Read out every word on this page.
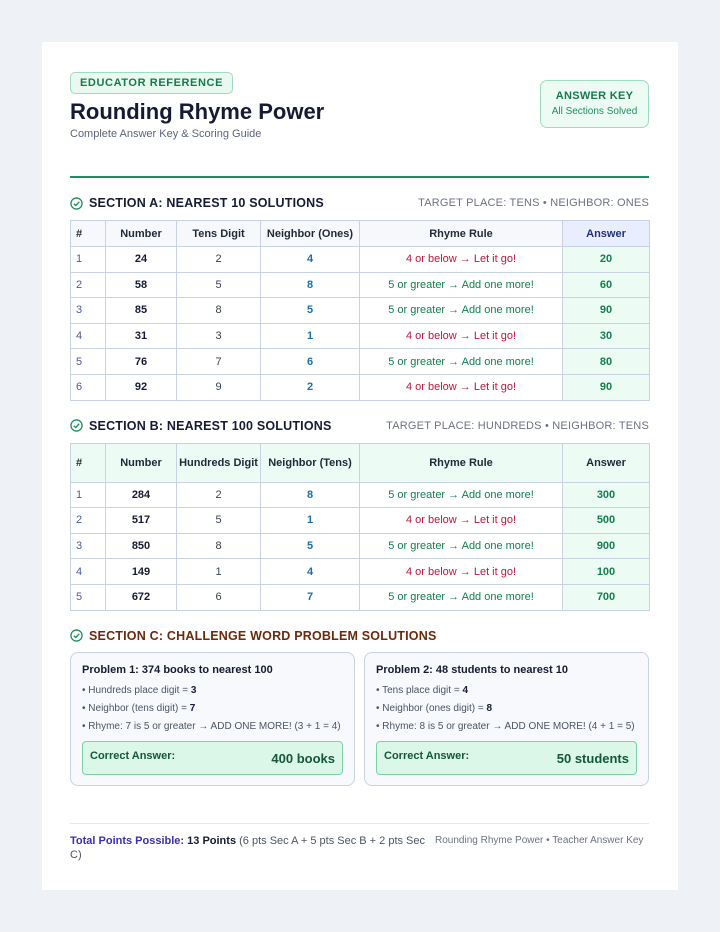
EDUCATOR REFERENCE
Rounding Rhyme Power
Complete Answer Key & Scoring Guide
ANSWER KEY
All Sections Solved
SECTION A: NEAREST 10 SOLUTIONS	TARGET PLACE: TENS • NEIGHBOR: ONES
#	Number	Tens Digit	Neighbor (Ones)	Rhyme Rule	Answer
1	24	2	4	4 or below → Let it go!	20
2	58	5	8	5 or greater → Add one more!	60
3	85	8	5	5 or greater → Add one more!	90
4	31	3	1	4 or below → Let it go!	30
5	76	7	6	5 or greater → Add one more!	80
6	92	9	2	4 or below → Let it go!	90
SECTION B: NEAREST 100 SOLUTIONS	TARGET PLACE: HUNDREDS • NEIGHBOR: TENS
#	Number	Hundreds Digit	Neighbor (Tens)	Rhyme Rule	Answer
1	284	2	8	5 or greater → Add one more!	300
2	517	5	1	4 or below → Let it go!	500
3	850	8	5	5 or greater → Add one more!	900
4	149	1	4	4 or below → Let it go!	100
5	672	6	7	5 or greater → Add one more!	700
SECTION C: CHALLENGE WORD PROBLEM SOLUTIONS
Problem 1: 374 books to nearest 100
• Hundreds place digit = 3
• Neighbor (tens digit) = 7
• Rhyme: 7 is 5 or greater → ADD ONE MORE! (3 + 1 = 4)
Correct Answer:	400 books
Problem 2: 48 students to nearest 10
• Tens place digit = 4
• Neighbor (ones digit) = 8
• Rhyme: 8 is 5 or greater → ADD ONE MORE! (4 + 1 = 5)
Correct Answer:	50 students
Total Points Possible: 13 Points (6 pts Sec A + 5 pts Sec B + 2 pts Sec C)
Rounding Rhyme Power • Teacher Answer Key
